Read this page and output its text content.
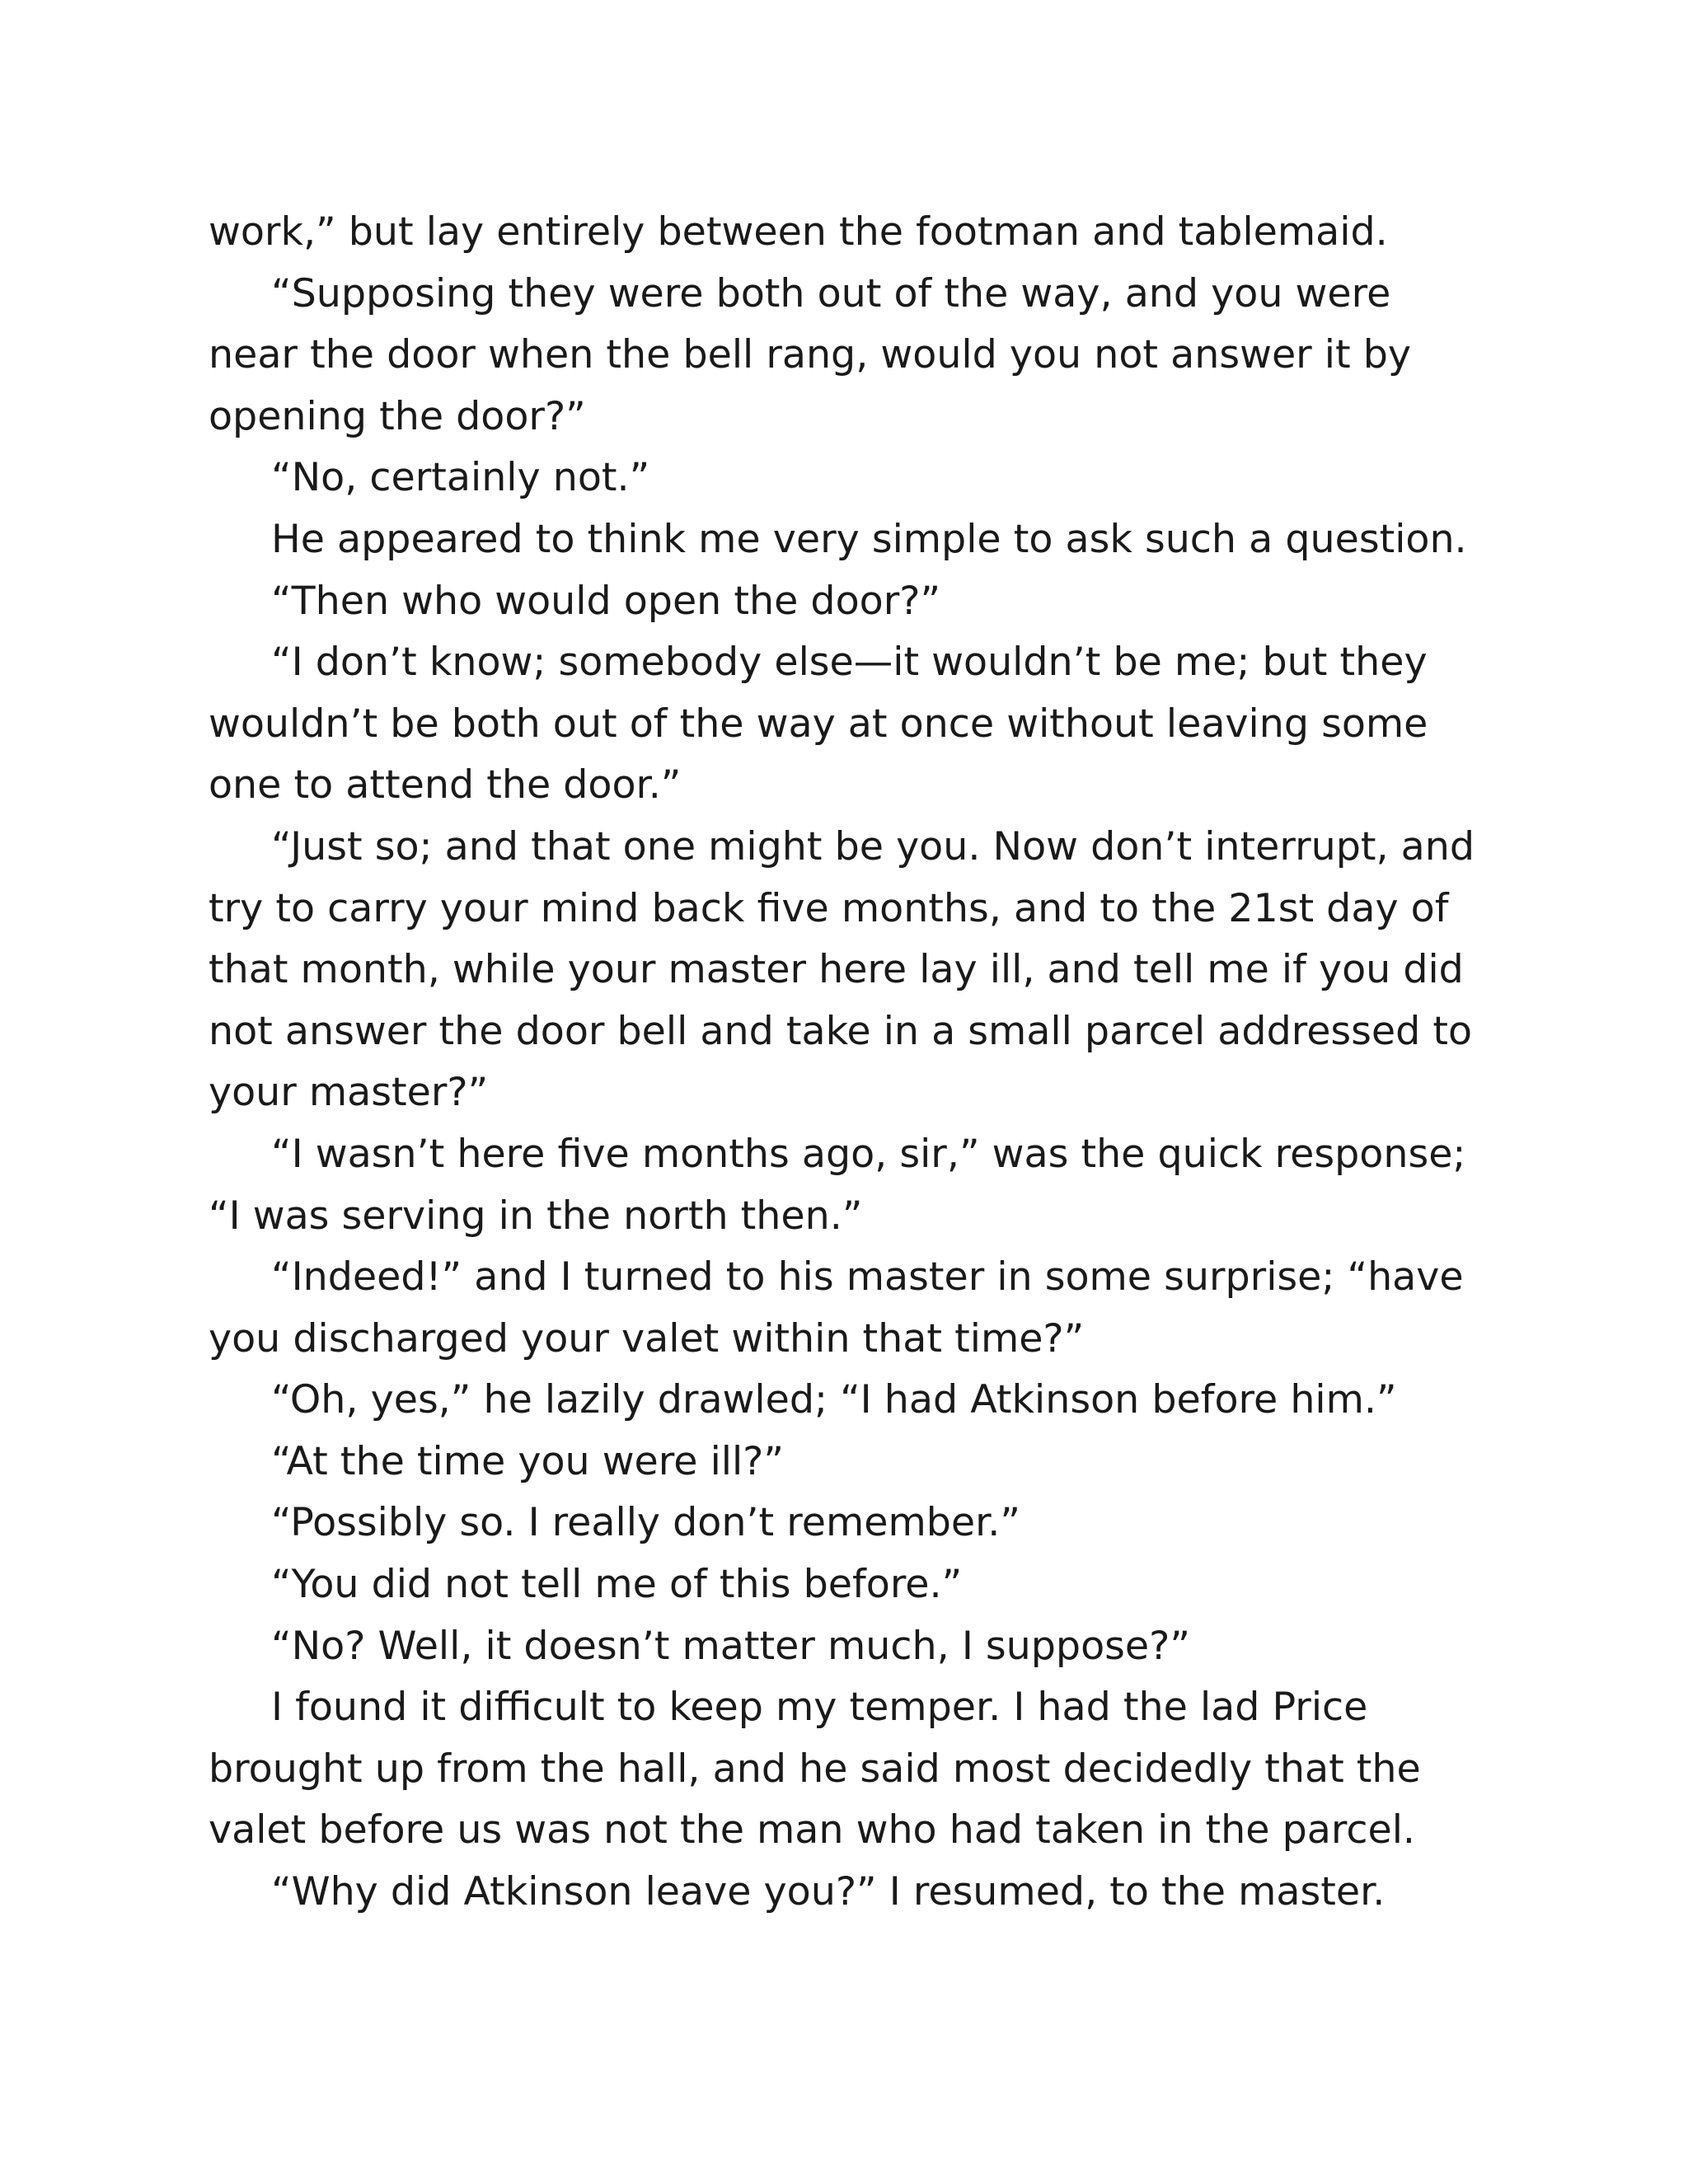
work,” but lay entirely between the footman and tablemaid.

“Supposing they were both out of the way, and you were near the door when the bell rang, would you not answer it by opening the door?”

“No, certainly not.”

He appeared to think me very simple to ask such a question.

“Then who would open the door?”

“I don’t know; somebody else—it wouldn’t be me; but they wouldn’t be both out of the way at once without leaving some one to attend the door.”

“Just so; and that one might be you. Now don’t interrupt, and try to carry your mind back five months, and to the 21st day of that month, while your master here lay ill, and tell me if you did not answer the door bell and take in a small parcel addressed to your master?”

“I wasn’t here five months ago, sir,” was the quick response; “I was serving in the north then.”

“Indeed!” and I turned to his master in some surprise; “have you discharged your valet within that time?”

“Oh, yes,” he lazily drawled; “I had Atkinson before him.”

“At the time you were ill?”

“Possibly so. I really don’t remember.”

“You did not tell me of this before.”

“No? Well, it doesn’t matter much, I suppose?”

I found it difficult to keep my temper. I had the lad Price brought up from the hall, and he said most decidedly that the valet before us was not the man who had taken in the parcel.

“Why did Atkinson leave you?” I resumed, to the master.
